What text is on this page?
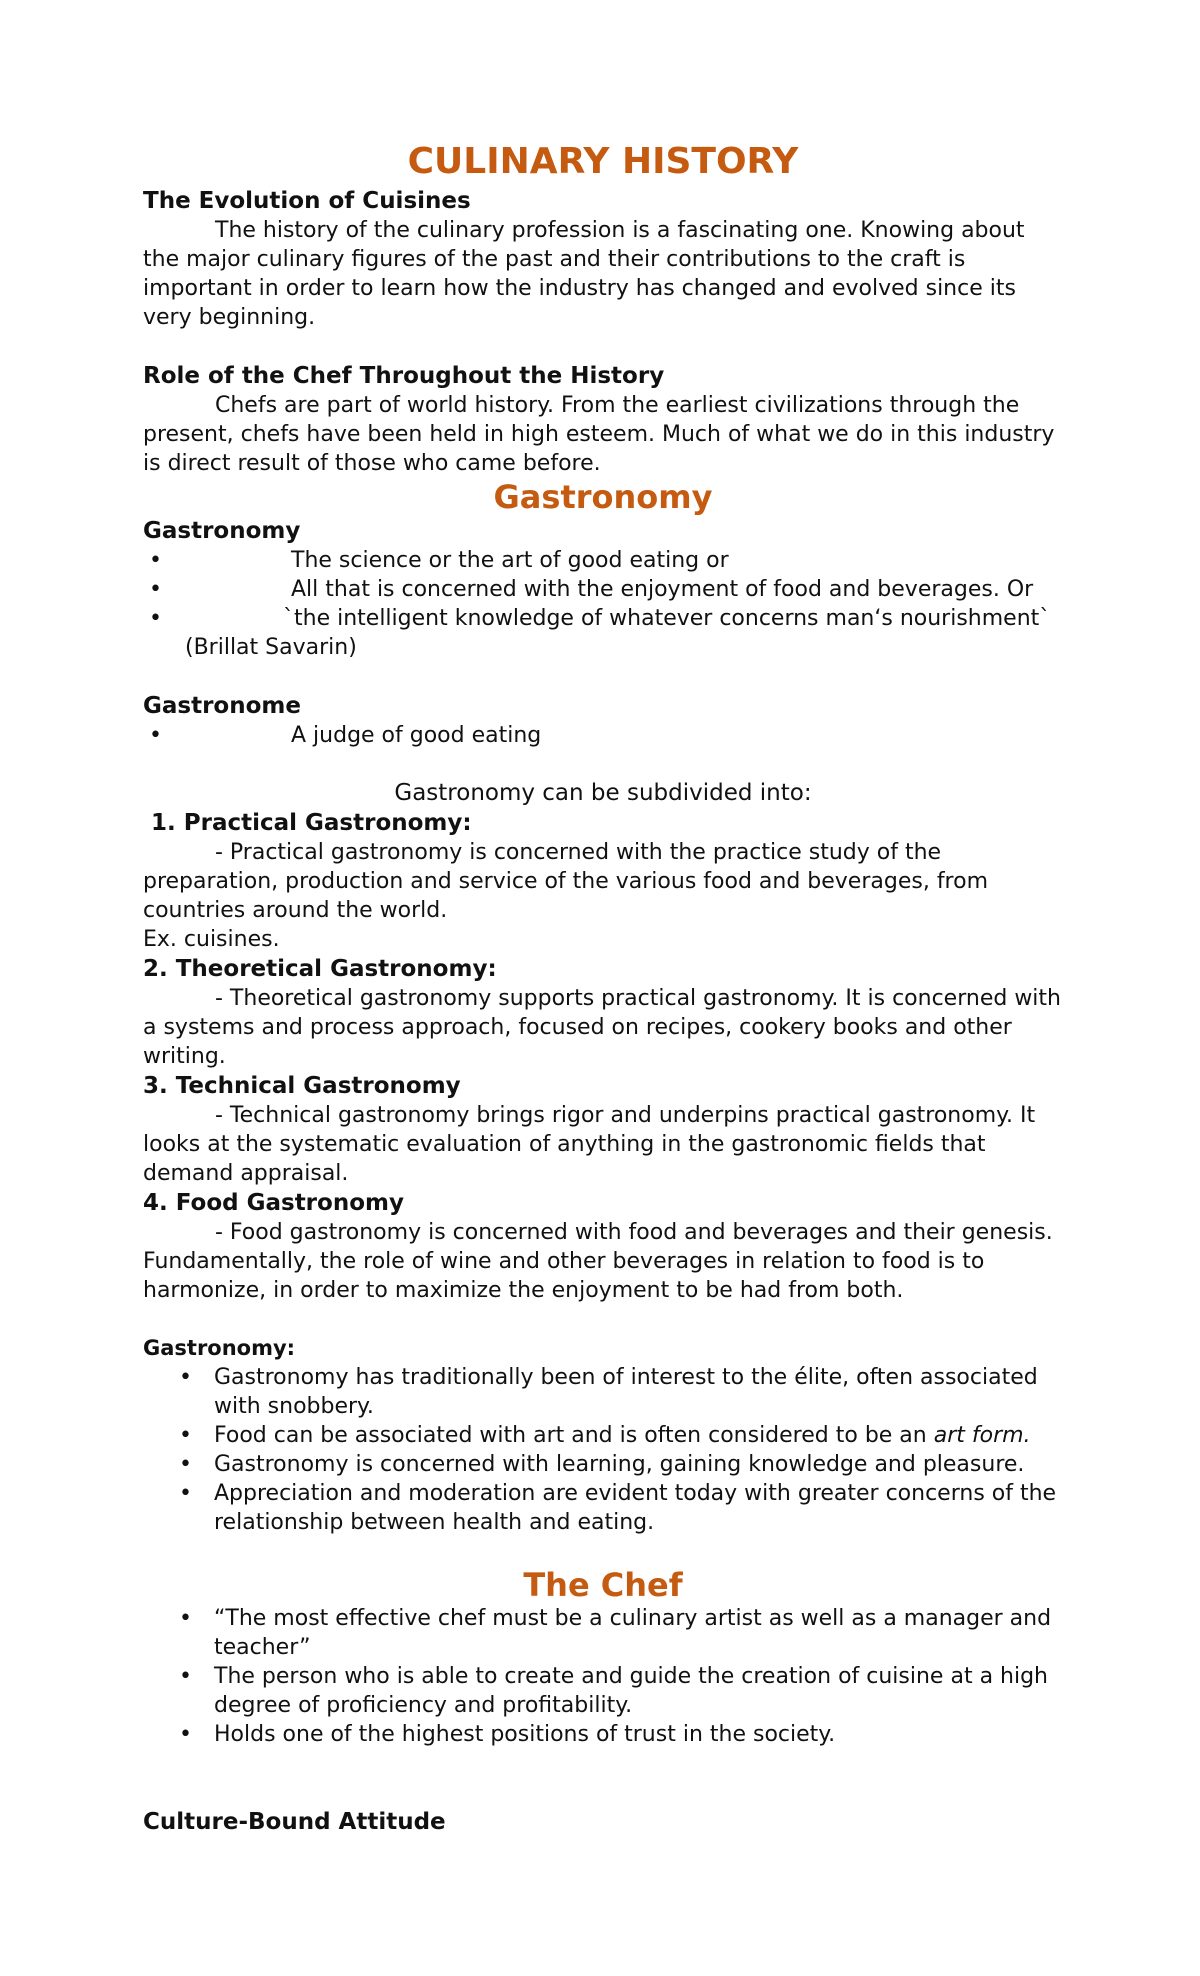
CULINARY HISTORY

The Evolution of Cuisines

The history of the culinary profession is a fascinating one. Knowing about the major culinary figures of the past and their contributions to the craft is important in order to learn how the industry has changed and evolved since its very beginning.

Role of the Chef Throughout the History

Chefs are part of world history. From the earliest civilizations through the present, chefs have been held in high esteem. Much of what we do in this industry is direct result of those who came before.

Gastronomy

Gastronomy

•	The science or the art of good eating or
•	All that is concerned with the enjoyment of food and beverages. Or
•	`the intelligent knowledge of whatever concerns man‘s nourishment`

(Brillat Savarin)

Gastronome

•	A judge of good eating

Gastronomy can be subdivided into:

1. Practical Gastronomy:

- Practical gastronomy is concerned with the practice study of the preparation, production and service of the various food and beverages, from countries around the world.

Ex. cuisines.

2. Theoretical Gastronomy:

- Theoretical gastronomy supports practical gastronomy. It is concerned with a systems and process approach, focused on recipes, cookery books and other writing.

3. Technical Gastronomy

- Technical gastronomy brings rigor and underpins practical gastronomy. It looks at the systematic evaluation of anything in the gastronomic fields that demand appraisal.

4. Food Gastronomy

- Food gastronomy is concerned with food and beverages and their genesis. Fundamentally, the role of wine and other beverages in relation to food is to harmonize, in order to maximize the enjoyment to be had from both.

Gastronomy:

• Gastronomy has traditionally been of interest to the élite, often associated with snobbery.
• Food can be associated with art and is often considered to be an art form.
• Gastronomy is concerned with learning, gaining knowledge and pleasure.
• Appreciation and moderation are evident today with greater concerns of the relationship between health and eating.
The Chef
• “The most effective chef must be a culinary artist as well as a manager and teacher”
• The person who is able to create and guide the creation of cuisine at a high degree of proficiency and profitability.
• Holds one of the highest positions of trust in the society.

Culture-Bound Attitude
